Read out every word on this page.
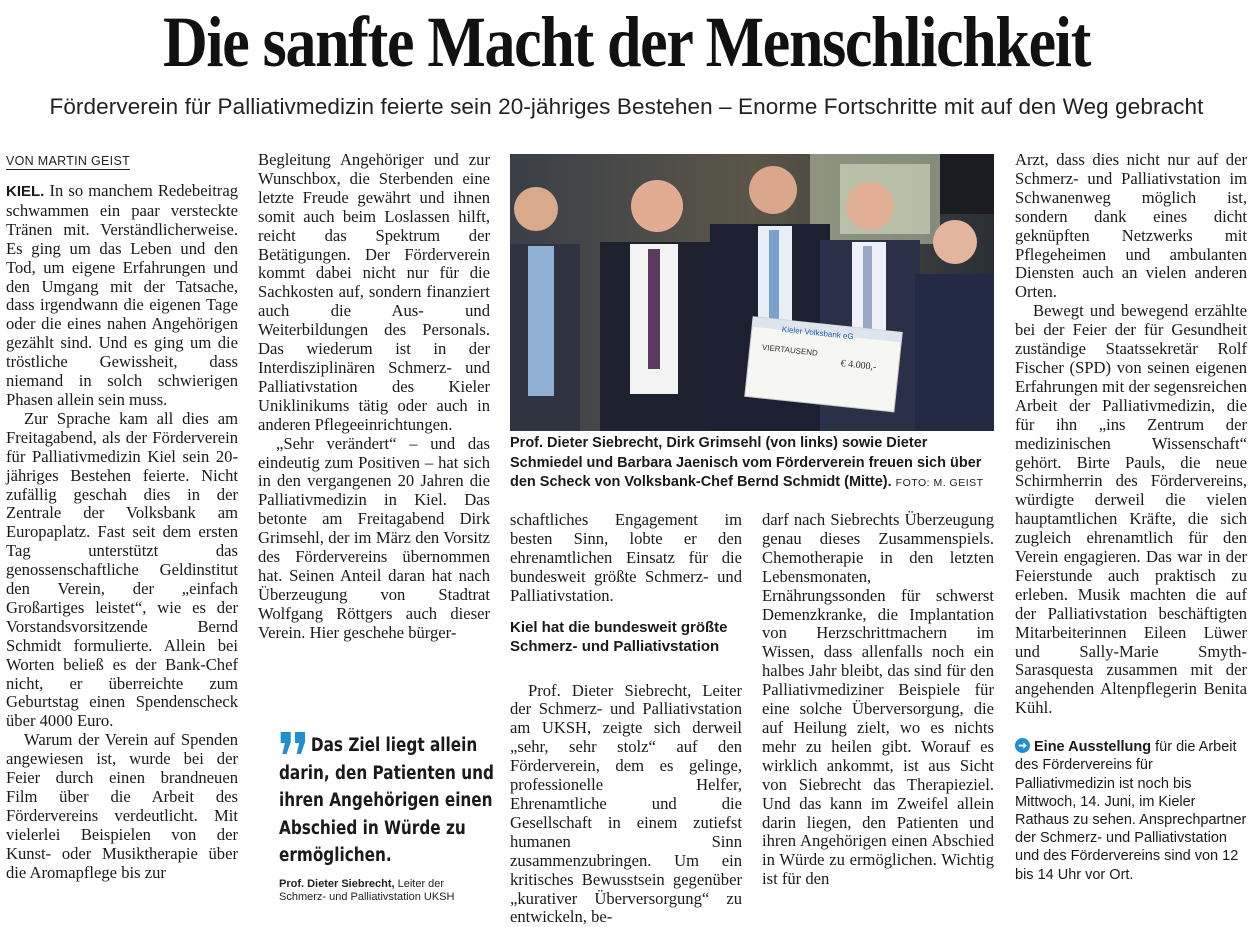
Die sanfte Macht der Menschlichkeit
Förderverein für Palliativmedizin feierte sein 20-jähriges Bestehen – Enorme Fortschritte mit auf den Weg gebracht
VON MARTIN GEIST

KIEL. In so manchem Redebeitrag schwammen ein paar versteckte Tränen mit. Verständlicherweise. Es ging um das Leben und den Tod, um eigene Erfahrungen und den Umgang mit der Tatsache, dass irgendwann die eigenen Tage oder die eines nahen Angehörigen gezählt sind. Und es ging um die tröstliche Gewissheit, dass niemand in solch schwierigen Phasen allein sein muss.

Zur Sprache kam all dies am Freitagabend, als der Förderverein für Palliativmedizin Kiel sein 20-jähriges Bestehen feierte. Nicht zufällig geschah dies in der Zentrale der Volksbank am Europaplatz. Fast seit dem ersten Tag unterstützt das genossenschaftliche Geldinstitut den Verein, der „einfach Großartiges leistet“, wie es der Vorstandsvorsitzende Bernd Schmidt formulierte. Allein bei Worten beließ es der Bank-Chef nicht, er überreichte zum Geburtstag einen Spendenscheck über 4000 Euro.

Warum der Verein auf Spenden angewiesen ist, wurde bei der Feier durch einen brandneuen Film über die Arbeit des Fördervereins verdeutlicht. Mit vielerlei Beispielen von der Kunst- oder Musiktherapie über die Aromapflege bis zur

Begleitung Angehöriger und zur Wunschbox, die Sterbenden eine letzte Freude gewährt und ihnen somit auch beim Loslassen hilft, reicht das Spektrum der Betätigungen. Der Förderverein kommt dabei nicht nur für die Sachkosten auf, sondern finanziert auch die Aus- und Weiterbildungen des Personals. Das wiederum ist in der Interdisziplinären Schmerz- und Palliativstation des Kieler Uniklinikums tätig oder auch in anderen Pflegeeinrichtungen.

„Sehr verändert“ – und das eindeutig zum Positiven – hat sich in den vergangenen 20 Jahren die Palliativmedizin in Kiel. Das betonte am Freitagabend Dirk Grimsehl, der im März den Vorsitz des Fördervereins übernommen hat. Seinen Anteil daran hat nach Überzeugung von Stadtrat Wolfgang Röttgers auch dieser Verein. Hier geschehe bürger-

Das Ziel liegt allein darin, den Patienten und ihren Angehörigen einen Abschied in Würde zu ermöglichen.
Prof. Dieter Siebrecht, Leiter der Schmerz- und Palliativstation UKSH
Kieler Volksbank eG
VIERTAUSEND
€ 4.000,-
Prof. Dieter Siebrecht, Dirk Grimsehl (von links) sowie Dieter Schmiedel und Barbara Jaenisch vom Förderverein freuen sich über den Scheck von Volksbank-Chef Bernd Schmidt (Mitte). FOTO: M. GEIST

schaftliches Engagement im besten Sinn, lobte er den ehrenamtlichen Einsatz für die bundesweit größte Schmerz- und Palliativstation.

Kiel hat die bundesweit größte Schmerz- und Palliativstation

Prof. Dieter Siebrecht, Leiter der Schmerz- und Palliativstation am UKSH, zeigte sich derweil „sehr, sehr stolz“ auf den Förderverein, dem es gelinge, professionelle Helfer, Ehrenamtliche und die Gesellschaft in einem zutiefst humanen Sinn zusammenzubringen. Um ein kritisches Bewusstsein gegenüber „kurativer Überversorgung“ zu entwickeln, be-

darf nach Siebrechts Überzeugung genau dieses Zusammenspiels. Chemotherapie in den letzten Lebensmonaten, Ernährungssonden für schwerst Demenzkranke, die Implantation von Herzschrittmachern im Wissen, dass allenfalls noch ein halbes Jahr bleibt, das sind für den Palliativmediziner Beispiele für eine solche Überversorgung, die auf Heilung zielt, wo es nichts mehr zu heilen gibt. Worauf es wirklich ankommt, ist aus Sicht von Siebrecht das Therapieziel. Und das kann im Zweifel allein darin liegen, den Patienten und ihren Angehörigen einen Abschied in Würde zu ermöglichen. Wichtig ist für den

Arzt, dass dies nicht nur auf der Schmerz- und Palliativstation im Schwanenweg möglich ist, sondern dank eines dicht geknüpften Netzwerks mit Pflegeheimen und ambulanten Diensten auch an vielen anderen Orten.

Bewegt und bewegend erzählte bei der Feier der für Gesundheit zuständige Staatssekretär Rolf Fischer (SPD) von seinen eigenen Erfahrungen mit der segensreichen Arbeit der Palliativmedizin, die für ihn „ins Zentrum der medizinischen Wissenschaft“ gehört. Birte Pauls, die neue Schirmherrin des Fördervereins, würdigte derweil die vielen hauptamtlichen Kräfte, die sich zugleich ehrenamtlich für den Verein engagieren. Das war in der Feierstunde auch praktisch zu erleben. Musik machten die auf der Palliativstation beschäftigten Mitarbeiterinnen Eileen Lüwer und Sally-Marie Smyth-Sarasquesta zusammen mit der angehenden Altenpflegerin Benita Kühl.

Eine Ausstellung für die Arbeit des Fördervereins für Palliativmedizin ist noch bis Mittwoch, 14. Juni, im Kieler Rathaus zu sehen. Ansprechpartner der Schmerz- und Palliativstation und des Fördervereins sind von 12 bis 14 Uhr vor Ort.
